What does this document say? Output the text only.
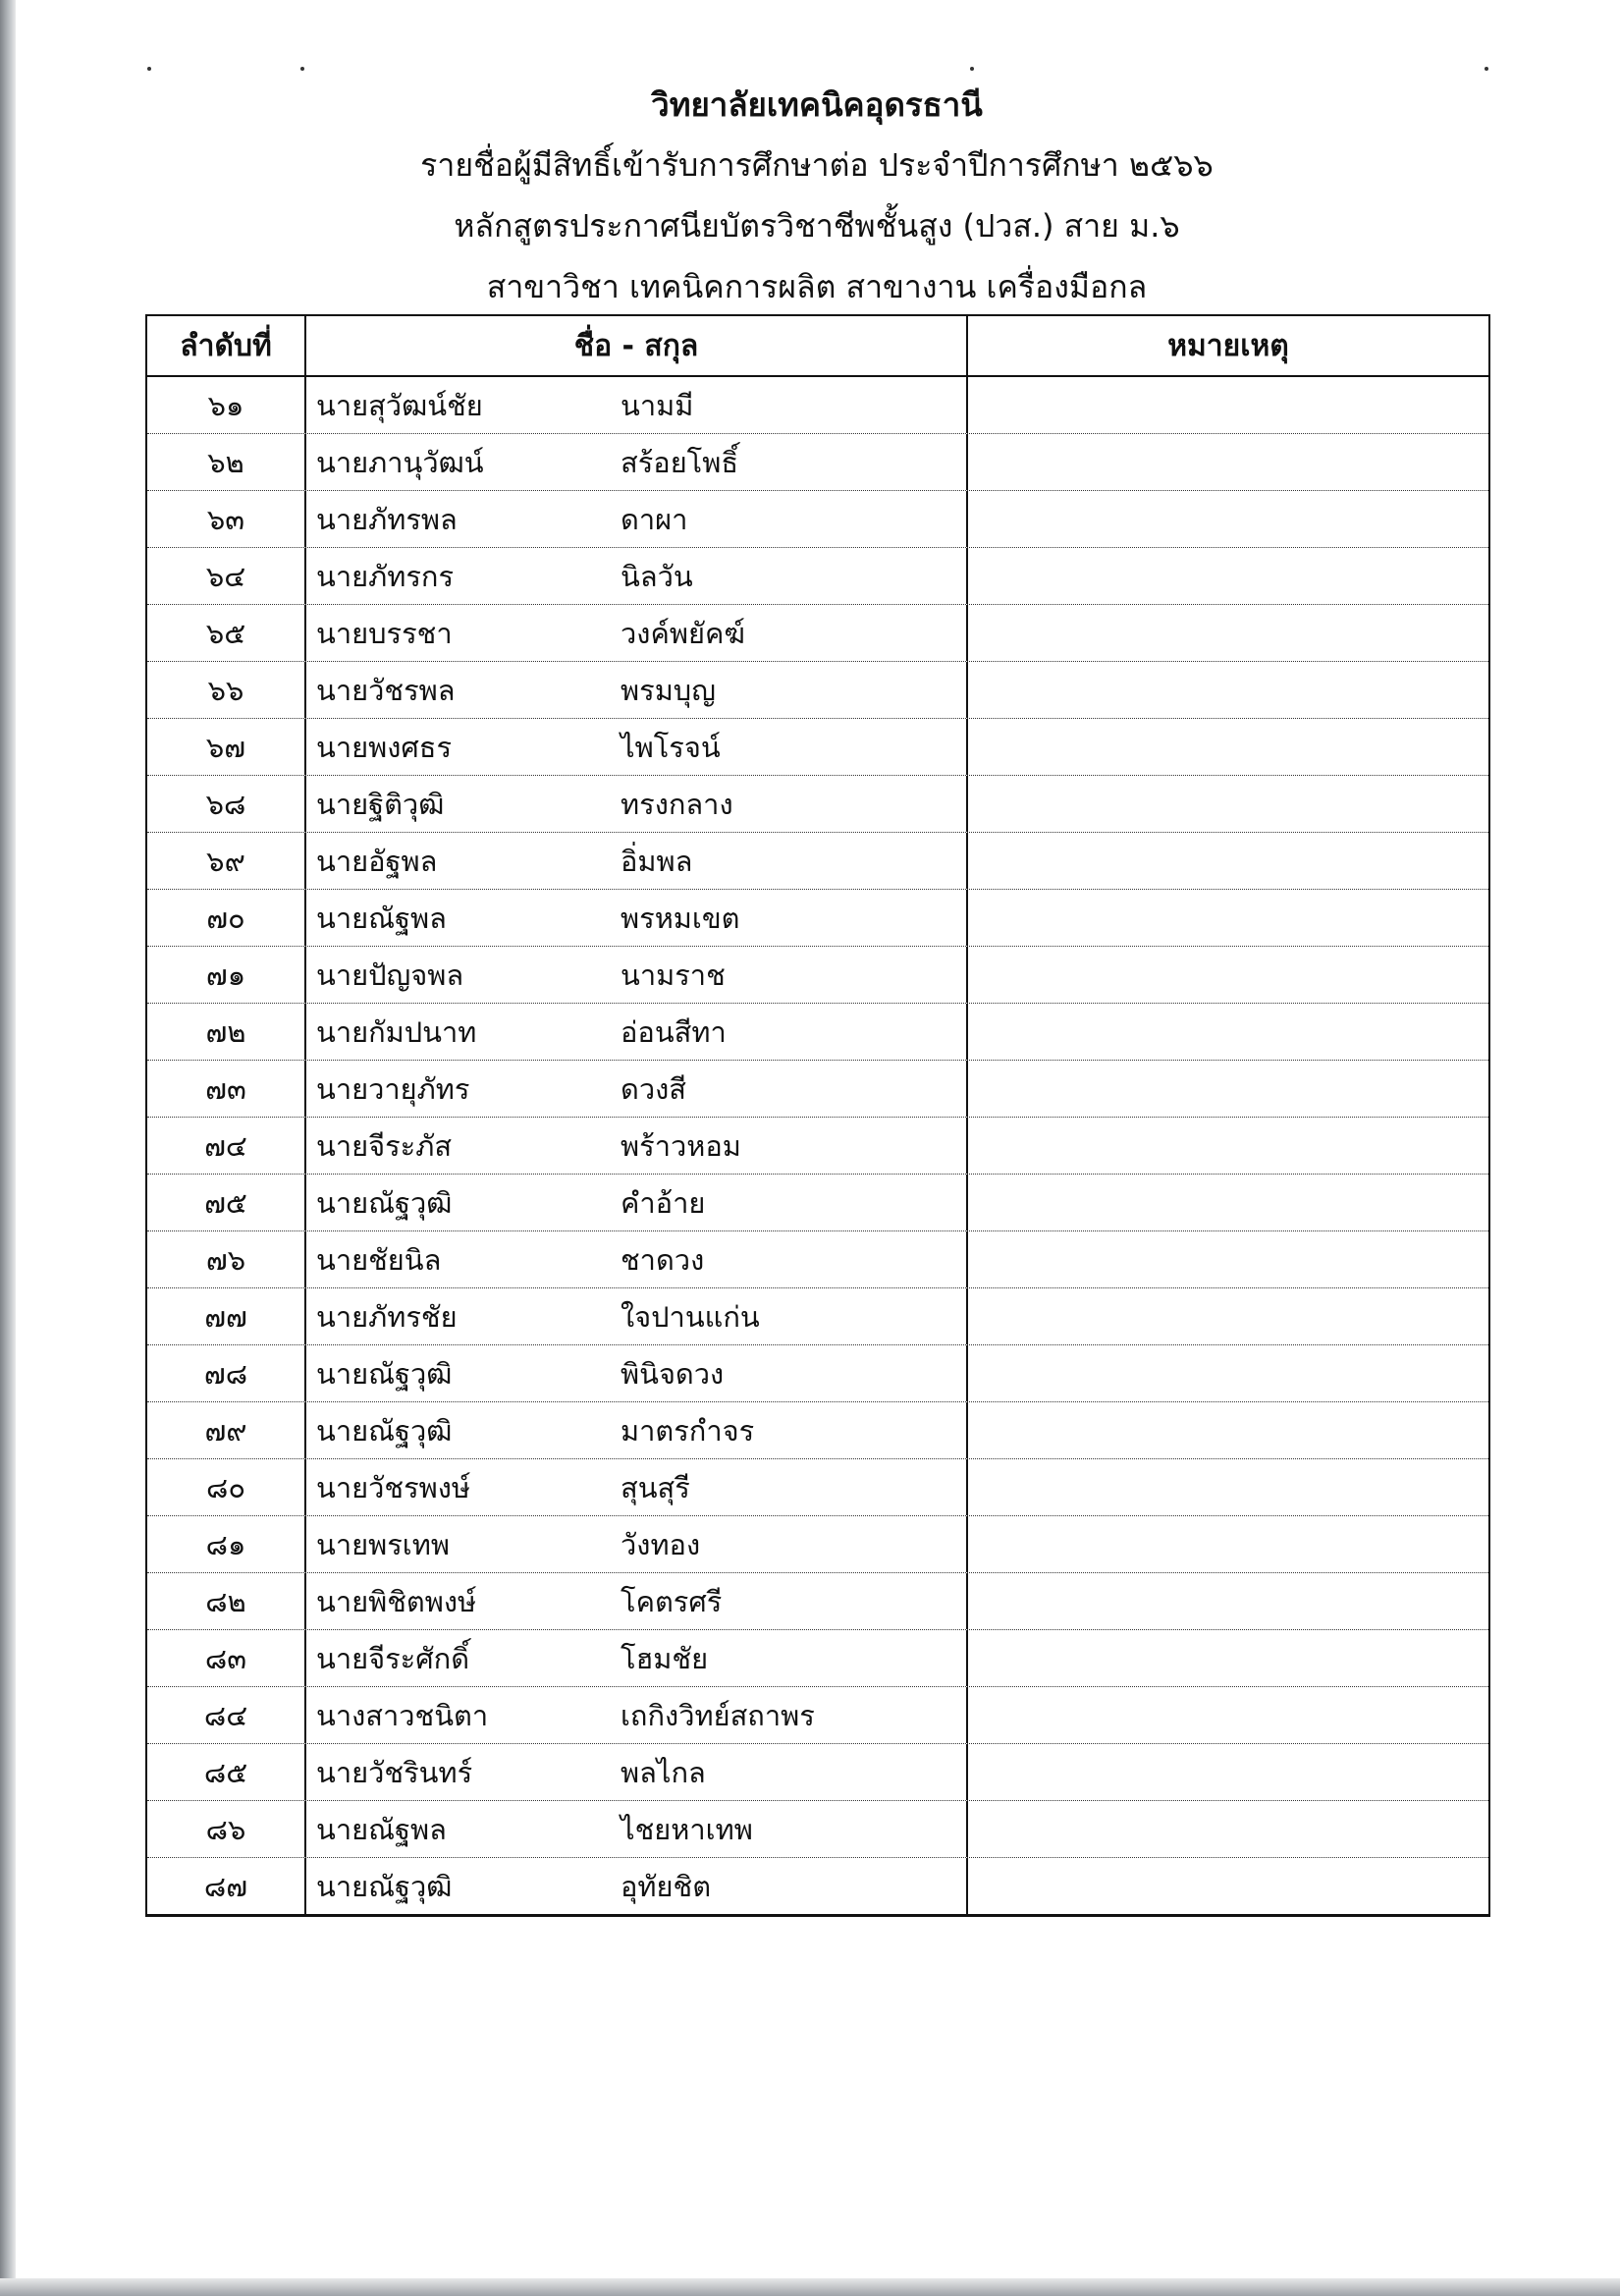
วิทยาลัยเทคนิคอุดรธานี
รายชื่อผู้มีสิทธิ์เข้ารับการศึกษาต่อ ประจำปีการศึกษา ๒๕๖๖
หลักสูตรประกาศนียบัตรวิชาชีพชั้นสูง (ปวส.) สาย ม.๖
สาขาวิชา เทคนิคการผลิต สาขางาน เครื่องมือกล
ลำดับที่	ชื่อ - สกุล	หมายเหตุ
๖๑	นายสุวัฒน์ชัย	นามมี
๖๒	นายภานุวัฒน์	สร้อยโพธิ์
๖๓	นายภัทรพล	ดาผา
๖๔	นายภัทรกร	นิลวัน
๖๕	นายบรรชา	วงค์พยัคฆ์
๖๖	นายวัชรพล	พรมบุญ
๖๗	นายพงศธร	ไพโรจน์
๖๘	นายฐิติวุฒิ	ทรงกลาง
๖๙	นายอัฐพล	อิ่มพล
๗๐	นายณัฐพล	พรหมเขต
๗๑	นายปัญจพล	นามราช
๗๒	นายกัมปนาท	อ่อนสีทา
๗๓	นายวายุภัทร	ดวงสี
๗๔	นายจีระภัส	พร้าวหอม
๗๕	นายณัฐวุฒิ	คำอ้าย
๗๖	นายชัยนิล	ชาดวง
๗๗	นายภัทรชัย	ใจปานแก่น
๗๘	นายณัฐวุฒิ	พินิจดวง
๗๙	นายณัฐวุฒิ	มาตรกำจร
๘๐	นายวัชรพงษ์	สุนสุรี
๘๑	นายพรเทพ	วังทอง
๘๒	นายพิชิตพงษ์	โคตรศรี
๘๓	นายจีระศักดิ์	โฮมชัย
๘๔	นางสาวชนิตา	เถกิงวิทย์สถาพร
๘๕	นายวัชรินทร์	พลไกล
๘๖	นายณัฐพล	ไชยหาเทพ
๘๗	นายณัฐวุฒิ	อุทัยชิต
